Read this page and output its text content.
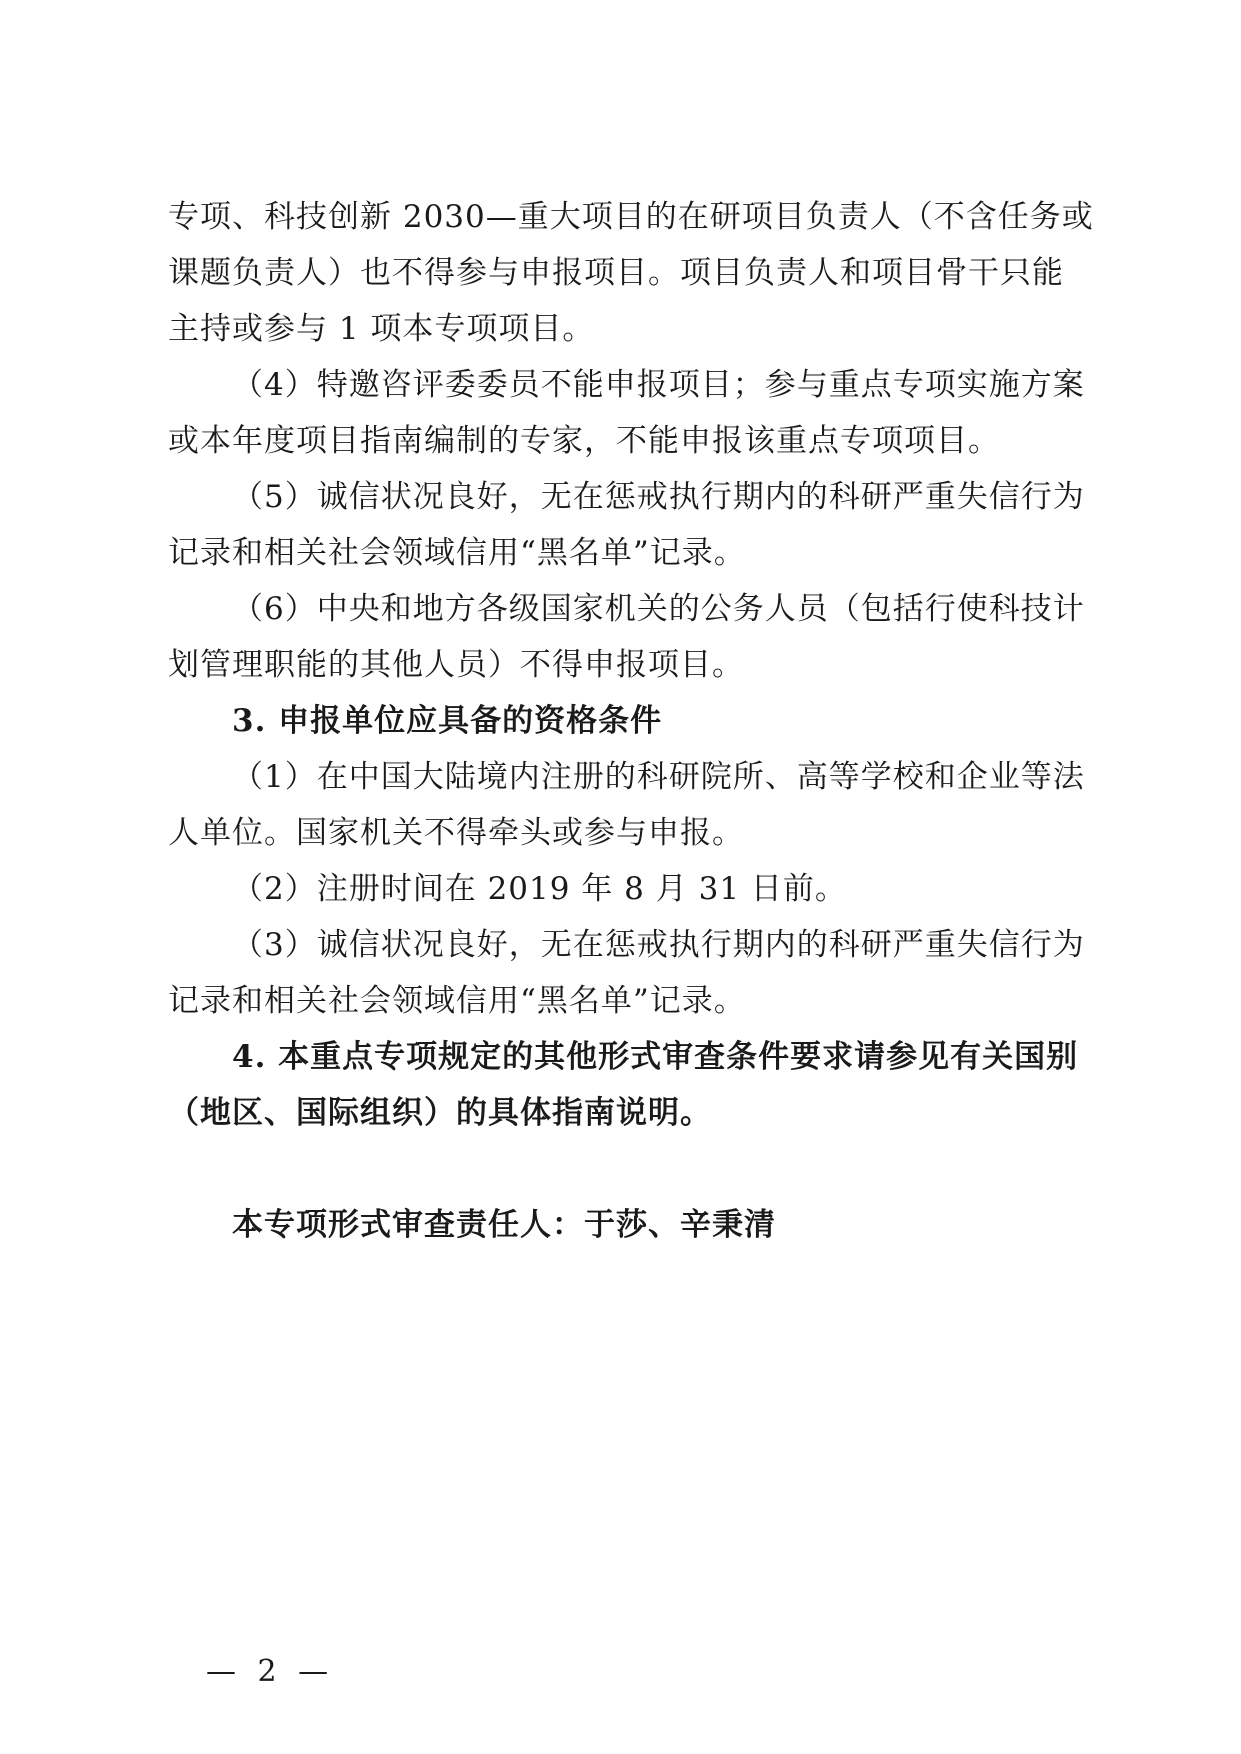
专项、科技创新 2030—重大项目的在研项目负责人（不含任务或
课题负责人）也不得参与申报项目。项目负责人和项目骨干只能
主持或参与 1 项本专项项目。
（4）特邀咨评委委员不能申报项目；参与重点专项实施方案
或本年度项目指南编制的专家，不能申报该重点专项项目。
（5）诚信状况良好，无在惩戒执行期内的科研严重失信行为
记录和相关社会领域信用“黑名单”记录。
（6）中央和地方各级国家机关的公务人员（包括行使科技计
划管理职能的其他人员）不得申报项目。
3. 申报单位应具备的资格条件
（1）在中国大陆境内注册的科研院所、高等学校和企业等法
人单位。国家机关不得牵头或参与申报。
（2）注册时间在 2019 年 8 月 31 日前。
（3）诚信状况良好，无在惩戒执行期内的科研严重失信行为
记录和相关社会领域信用“黑名单”记录。
4. 本重点专项规定的其他形式审查条件要求请参见有关国别
（地区、国际组织）的具体指南说明。
本专项形式审查责任人：于莎、辛秉清
— 2 —
